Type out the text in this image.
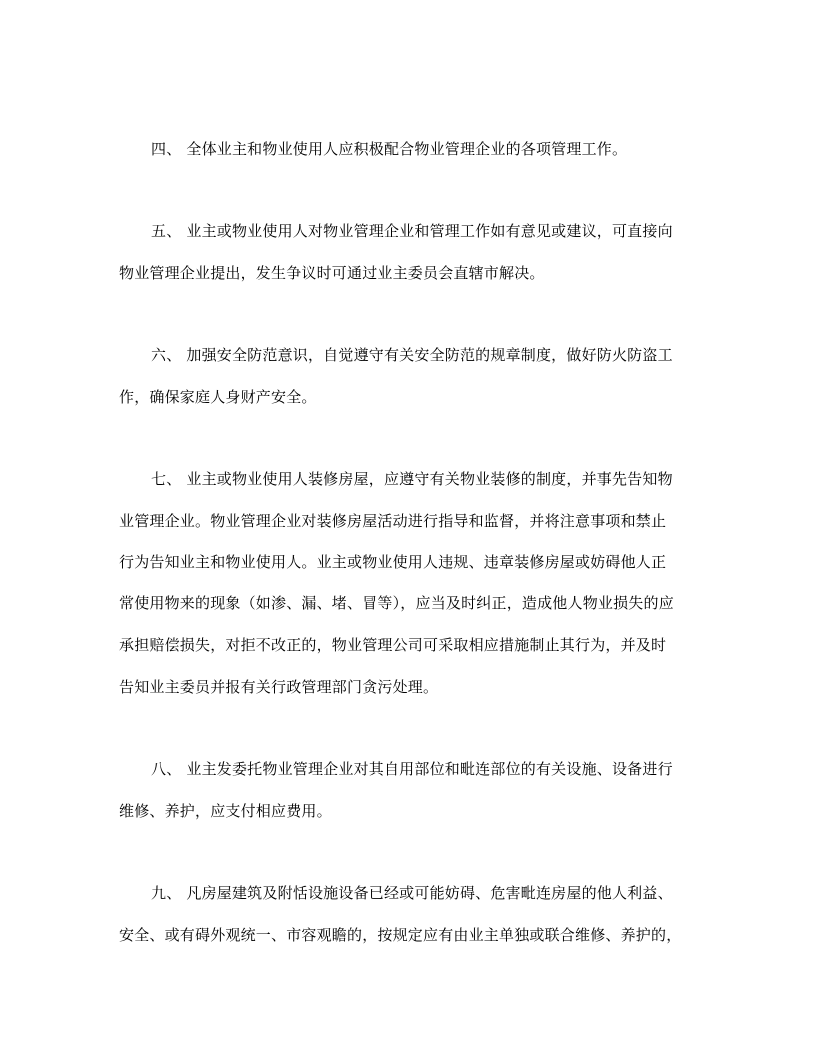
四、 全体业主和物业使用人应积极配合物业管理企业的各项管理工作。
五、 业主或物业使用人对物业管理企业和管理工作如有意见或建议，可直接向
物业管理企业提出，发生争议时可通过业主委员会直辖市解决。
六、 加强安全防范意识，自觉遵守有关安全防范的规章制度，做好防火防盗工
作，确保家庭人身财产安全。
七、 业主或物业使用人装修房屋，应遵守有关物业装修的制度，并事先告知物
业管理企业。物业管理企业对装修房屋活动进行指导和监督，并将注意事项和禁止
行为告知业主和物业使用人。业主或物业使用人违规、违章装修房屋或妨碍他人正
常使用物来的现象（如渗、漏、堵、冒等），应当及时纠正，造成他人物业损失的应
承担赔偿损失，对拒不改正的，物业管理公司可采取相应措施制止其行为，并及时
告知业主委员并报有关行政管理部门贪污处理。
八、 业主发委托物业管理企业对其自用部位和毗连部位的有关设施、设备进行
维修、养护，应支付相应费用。
九、 凡房屋建筑及附恬设施设备已经或可能妨碍、危害毗连房屋的他人利益、
安全、或有碍外观统一、市容观瞻的，按规定应有由业主单独或联合维修、养护的，
